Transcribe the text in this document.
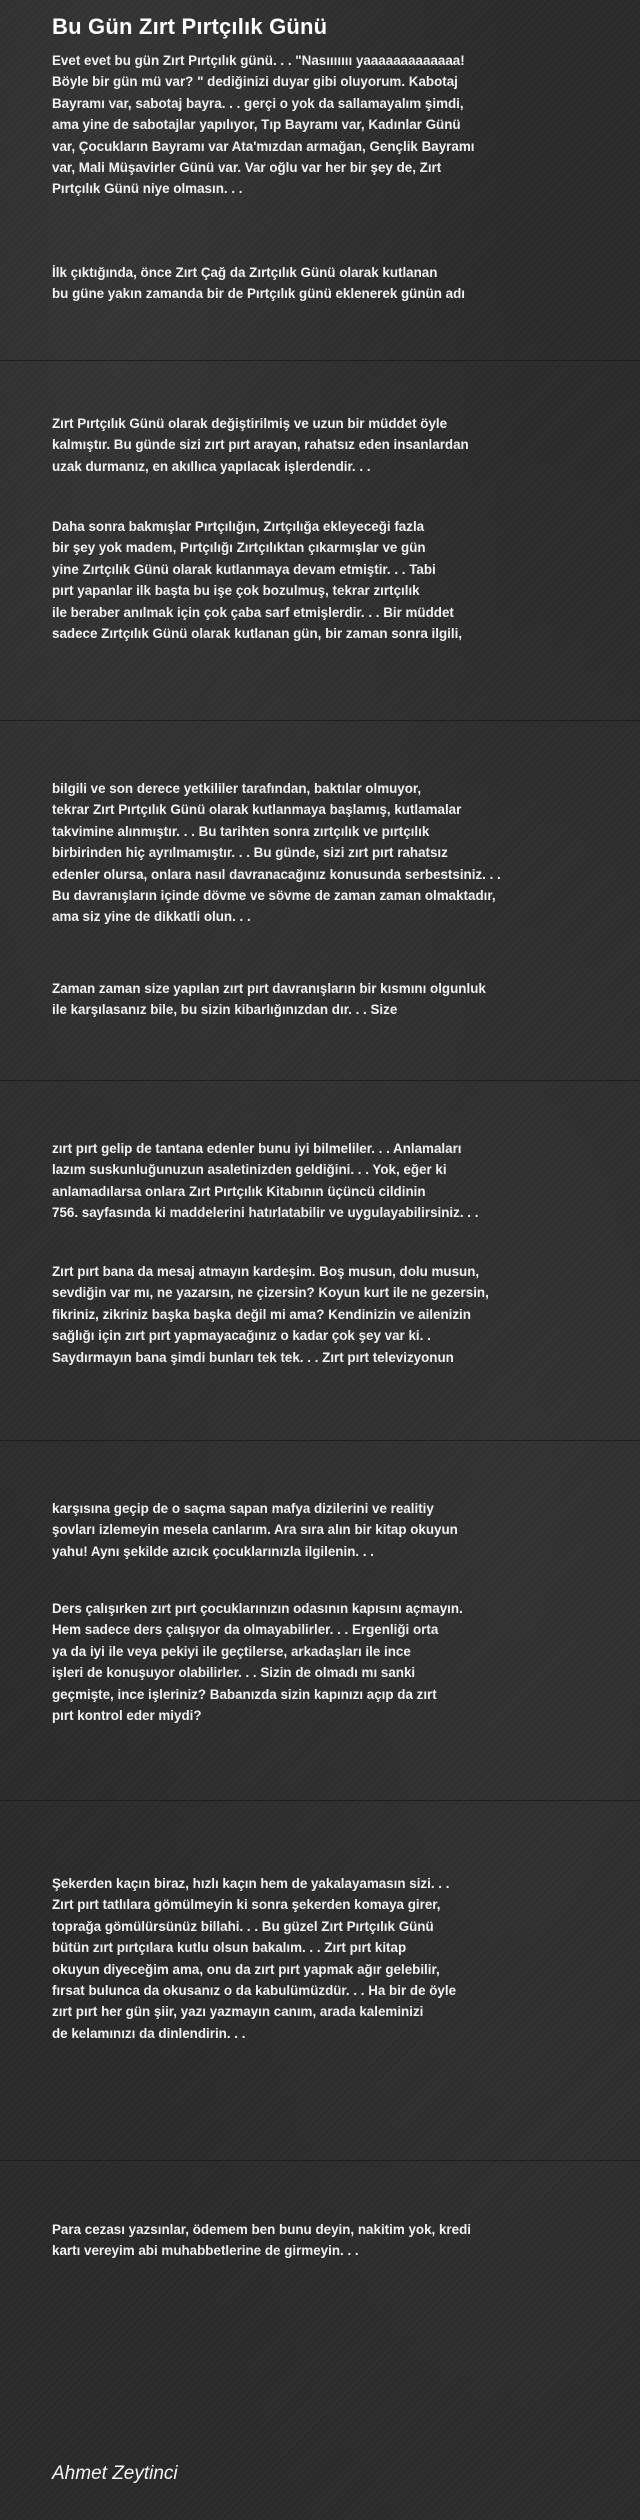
Bu Gün Zırt Pırtçılık Günü

Evet evet bu gün Zırt Pırtçılık günü. . . "Nasııııııı yaaaaaaaaaaaaa!
Böyle bir gün mü var? " dediğinizi duyar gibi oluyorum. Kabotaj
Bayramı var, sabotaj bayra. . . gerçi o yok da sallamayalım şimdi,
ama yine de sabotajlar yapılıyor, Tıp Bayramı var, Kadınlar Günü
var, Çocukların Bayramı var Ata'mızdan armağan, Gençlik Bayramı
var, Mali Müşavirler Günü var. Var oğlu var her bir şey de, Zırt
Pırtçılık Günü niye olmasın. . .

İlk çıktığında, önce Zırt Çağ da Zırtçılık Günü olarak kutlanan
bu güne yakın zamanda bir de Pırtçılık günü eklenerek günün adı

Zırt Pırtçılık Günü olarak değiştirilmiş ve uzun bir müddet öyle
kalmıştır. Bu günde sizi zırt pırt arayan, rahatsız eden insanlardan
uzak durmanız, en akıllıca yapılacak işlerdendir. . .

Daha sonra bakmışlar Pırtçılığın, Zırtçılığa ekleyeceği fazla
bir şey yok madem, Pırtçılığı Zırtçılıktan çıkarmışlar ve gün
yine Zırtçılık Günü olarak kutlanmaya devam etmiştir. . . Tabi
pırt yapanlar ilk başta bu işe çok bozulmuş, tekrar zırtçılık
ile beraber anılmak için çok çaba sarf etmişlerdir. . . Bir müddet
sadece Zırtçılık Günü olarak kutlanan gün, bir zaman sonra ilgili,

bilgili ve son derece yetkililer tarafından, baktılar olmuyor,
tekrar Zırt Pırtçılık Günü olarak kutlanmaya başlamış, kutlamalar
takvimine alınmıştır. . . Bu tarihten sonra zırtçılık ve pırtçılık
birbirinden hiç ayrılmamıştır. . . Bu günde, sizi zırt pırt rahatsız
edenler olursa, onlara nasıl davranacağınız konusunda serbestsiniz. . .
Bu davranışların içinde dövme ve sövme de zaman zaman olmaktadır,
ama siz yine de dikkatli olun. . .

Zaman zaman size yapılan zırt pırt davranışların bir kısmını olgunluk
ile karşılasanız bile, bu sizin kibarlığınızdan dır. . . Size

zırt pırt gelip de tantana edenler bunu iyi bilmeliler. . . Anlamaları
lazım suskunluğunuzun asaletinizden geldiğini. . . Yok, eğer ki
anlamadılarsa onlara Zırt Pırtçılık Kitabının üçüncü cildinin
756. sayfasında ki maddelerini hatırlatabilir ve uygulayabilirsiniz. . .

Zırt pırt bana da mesaj atmayın kardeşim. Boş musun, dolu musun,
sevdiğin var mı, ne yazarsın, ne çizersin? Koyun kurt ile ne gezersin,
fikriniz, zikriniz başka başka değil mi ama? Kendinizin ve ailenizin
sağlığı için zırt pırt yapmayacağınız o kadar çok şey var ki. .
Saydırmayın bana şimdi bunları tek tek. . . Zırt pırt televizyonun

karşısına geçip de o saçma sapan mafya dizilerini ve realitiy
şovları izlemeyin mesela canlarım. Ara sıra alın bir kitap okuyun
yahu! Aynı şekilde azıcık çocuklarınızla ilgilenin. . .

Ders çalışırken zırt pırt çocuklarınızın odasının kapısını açmayın.
Hem sadece ders çalışıyor da olmayabilirler. . . Ergenliği orta
ya da iyi ile veya pekiyi ile geçtilerse, arkadaşları ile ince
işleri de konuşuyor olabilirler. . . Sizin de olmadı mı sanki
geçmişte, ince işleriniz? Babanızda sizin kapınızı açıp da zırt
pırt kontrol eder miydi?

Şekerden kaçın biraz, hızlı kaçın hem de yakalayamasın sizi. . .
Zırt pırt tatlılara gömülmeyin ki sonra şekerden komaya girer,
toprağa gömülürsünüz billahi. . . Bu güzel Zırt Pırtçılık Günü
bütün zırt pırtçılara kutlu olsun bakalım. . . Zırt pırt kitap
okuyun diyeceğim ama, onu da zırt pırt yapmak ağır gelebilir,
fırsat bulunca da okusanız o da kabulümüzdür. . . Ha bir de öyle
zırt pırt her gün şiir, yazı yazmayın canım, arada kaleminizi
de kelamınızı da dinlendirin. . .

Para cezası yazsınlar, ödemem ben bunu deyin, nakitim yok, kredi
kartı vereyim abi muhabbetlerine de girmeyin. . .

Ahmet Zeytinci
